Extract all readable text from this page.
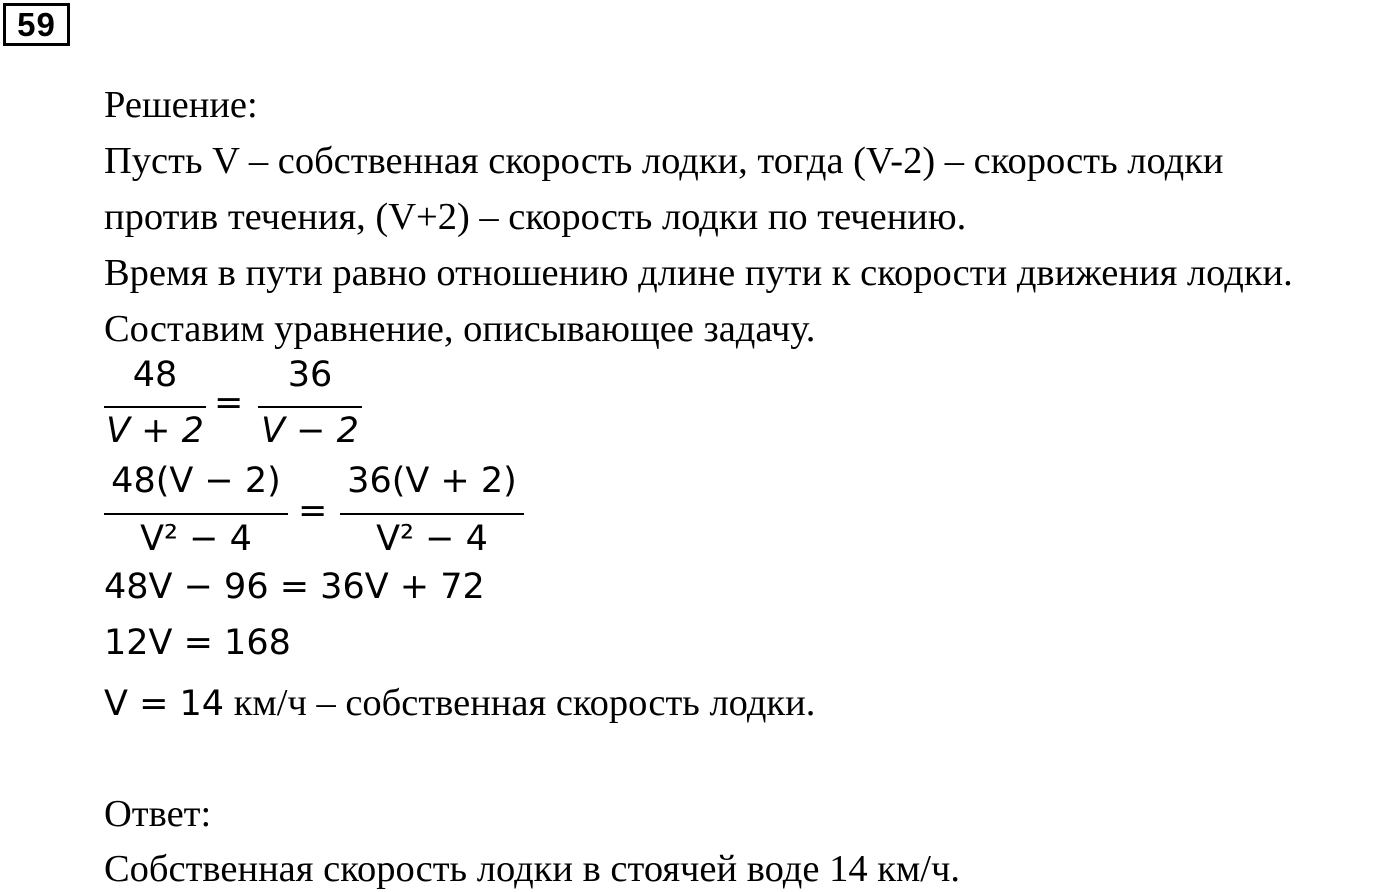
59

Решение:

Пусть V – собственная скорость лодки, тогда (V-2) – скорость лодки

против течения, (V+2) – скорость лодки по течению.

Время в пути равно отношению длине пути к скорости движения лодки.

Составим уравнение, описывающее задачу.

48
V + 2
=
36
V − 2
48(V − 2)
V² − 4
=
36(V + 2)
V² − 4
48V − 96 = 36V + 72
12V = 168
V = 14 км/ч – собственная скорость лодки.

Ответ:

Собственная скорость лодки в стоячей воде 14 км/ч.
